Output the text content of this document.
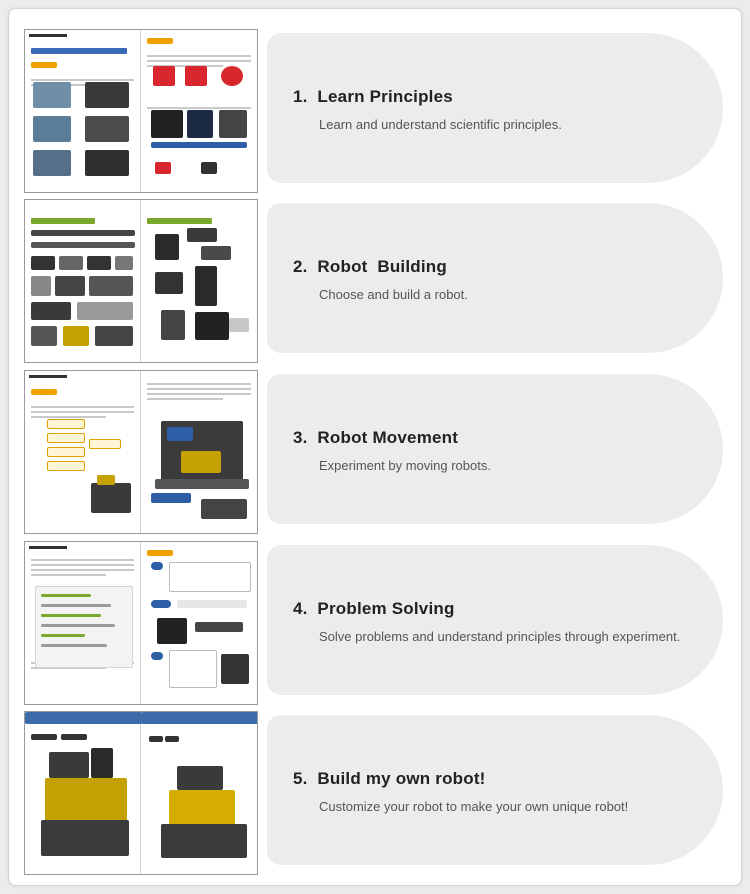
1.  Learn Principles

Learn and understand scientific principles.

2.  Robot  Building

Choose and build a robot.

3.  Robot Movement

Experiment by moving robots.

4.  Problem Solving

Solve problems and understand principles through experiment.

5.  Build my own robot!

Customize your robot to make your own unique robot!
